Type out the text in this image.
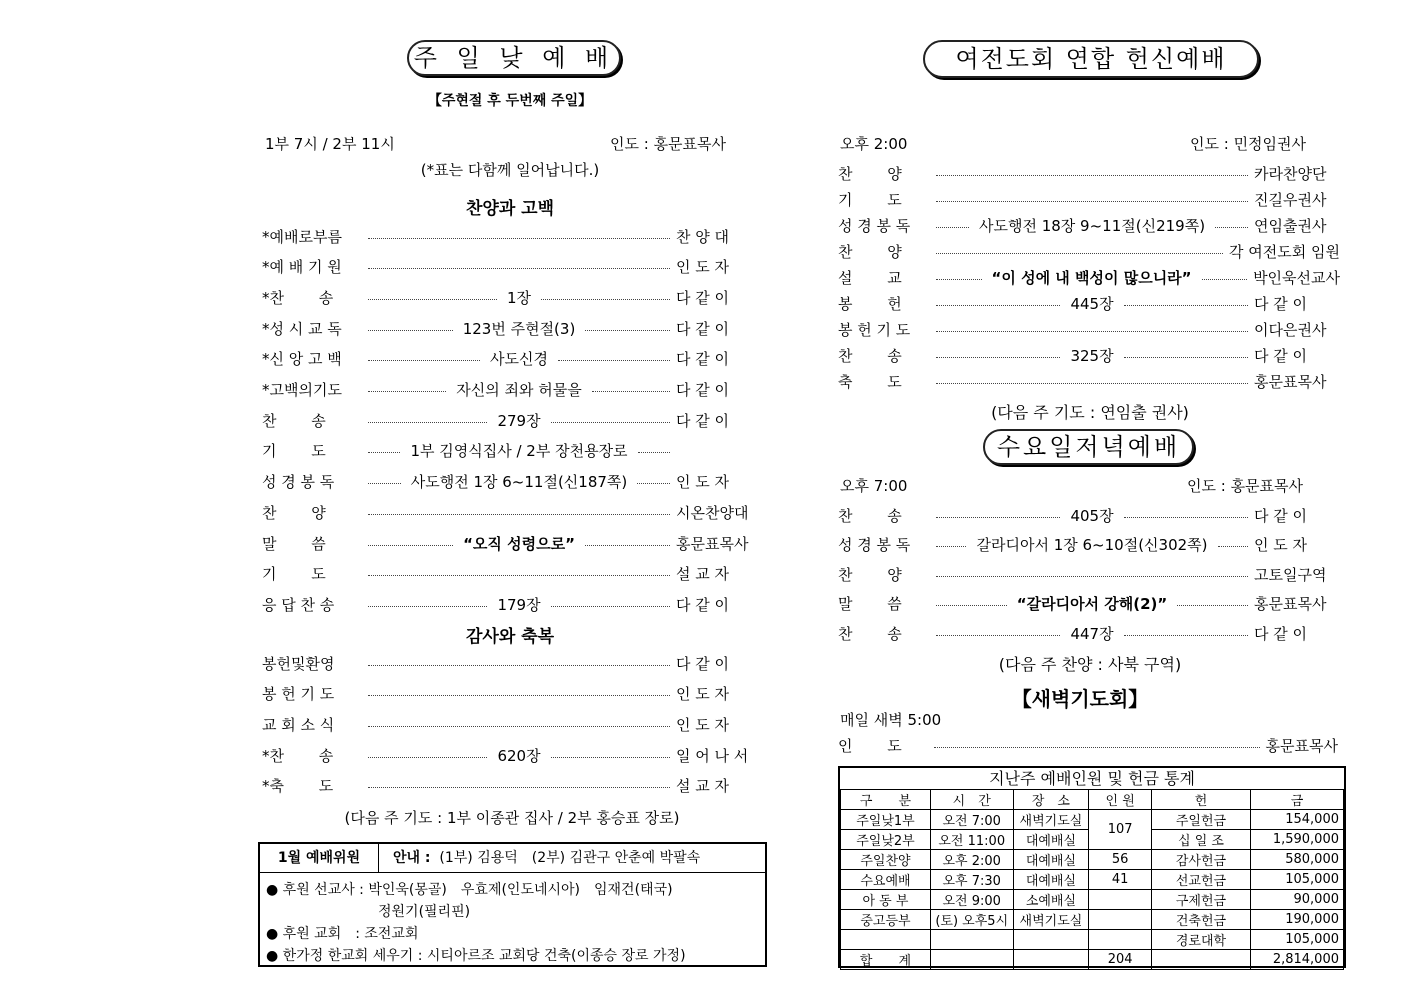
주 일 낮 예 배
【주현절 후 두번째 주일】
1부 7시 / 2부 11시	인도 : 홍문표목사
(*표는 다함께 일어납니다.)
찬양과 고백
*예배로부름	찬 양 대
*예 배 기 원	인 도 자
*찬　　 송	1장	다 같 이
*성 시 교 독	123번 주현절(3)	다 같 이
*신 앙 고 백	사도신경	다 같 이
*고백의기도	자신의 죄와 허물을	다 같 이
찬　　 송	279장	다 같 이
기　　 도	1부 김영식집사 / 2부 장천용장로
성 경 봉 독	사도행전 1장 6~11절(신187쪽)	인 도 자
찬　　 양	시온찬양대
말　　 씀	“오직 성령으로”	홍문표목사
기　　 도	설 교 자
응 답 찬 송	179장	다 같 이
감사와 축복
봉헌및환영	다 같 이
봉 헌 기 도	인 도 자
교 회 소 식	인 도 자
*찬　　 송	620장	일 어 나 서
*축　　 도	설 교 자
(다음 주 기도 : 1부 이종관 집사 / 2부 홍승표 장로)
1월 예배위원	안내 : (1부) 김용덕　(2부) 김관구 안춘예 박팔속
● 후원 선교사 : 박인욱(몽골)　우효제(인도네시아)　임재건(태국)
　　　　　　　　정원기(필리핀)
● 후원 교회　: 조전교회
● 한가정 한교회 세우기 : 시티아르조 교회당 건축(이종승 장로 가정)
여전도회 연합 헌신예배
오후 2:00	인도 : 민정임권사
찬　　 양	카라찬양단
기　　 도	진길우권사
성 경 봉 독	사도행전 18장 9~11절(신219쪽)	연임출권사
찬　　 양	각 여전도회 임원
설　　 교	“이 성에 내 백성이 많으니라”	박인욱선교사
봉　　 헌	445장	다 같 이
봉 헌 기 도	이다은권사
찬　　 송	325장	다 같 이
축　　 도	홍문표목사
(다음 주 기도 : 연임출 권사)
수요일저녁예배
오후 7:00	인도 : 홍문표목사
찬　　 송	405장	다 같 이
성 경 봉 독	갈라디아서 1장 6~10절(신302쪽)	인 도 자
찬　　 양	고토일구역
말　　 씀	“갈라디아서 강해(2)”	홍문표목사
찬　　 송	447장	다 같 이
(다음 주 찬양 : 사북 구역)
【새벽기도회】
매일 새벽 5:00
인　　 도	홍문표목사
지난주 예배인원 및 헌금 통계
구　　분	시　간	장　소	인 원	헌	금
주일낮1부	오전 7:00	새벽기도실	107	주일헌금	154,000
주일낮2부	오전 11:00	대예배실		십 일 조	1,590,000
주일찬양	오후 2:00	대예배실	56	감사헌금	580,000
수요예배	오후 7:30	대예배실	41	선교헌금	105,000
아 동 부	오전 9:00	소예배실		구제헌금	90,000
중고등부	(토) 오후5시	새벽기도실		건축헌금	190,000
				경로대학	105,000
합　　계			204		2,814,000
